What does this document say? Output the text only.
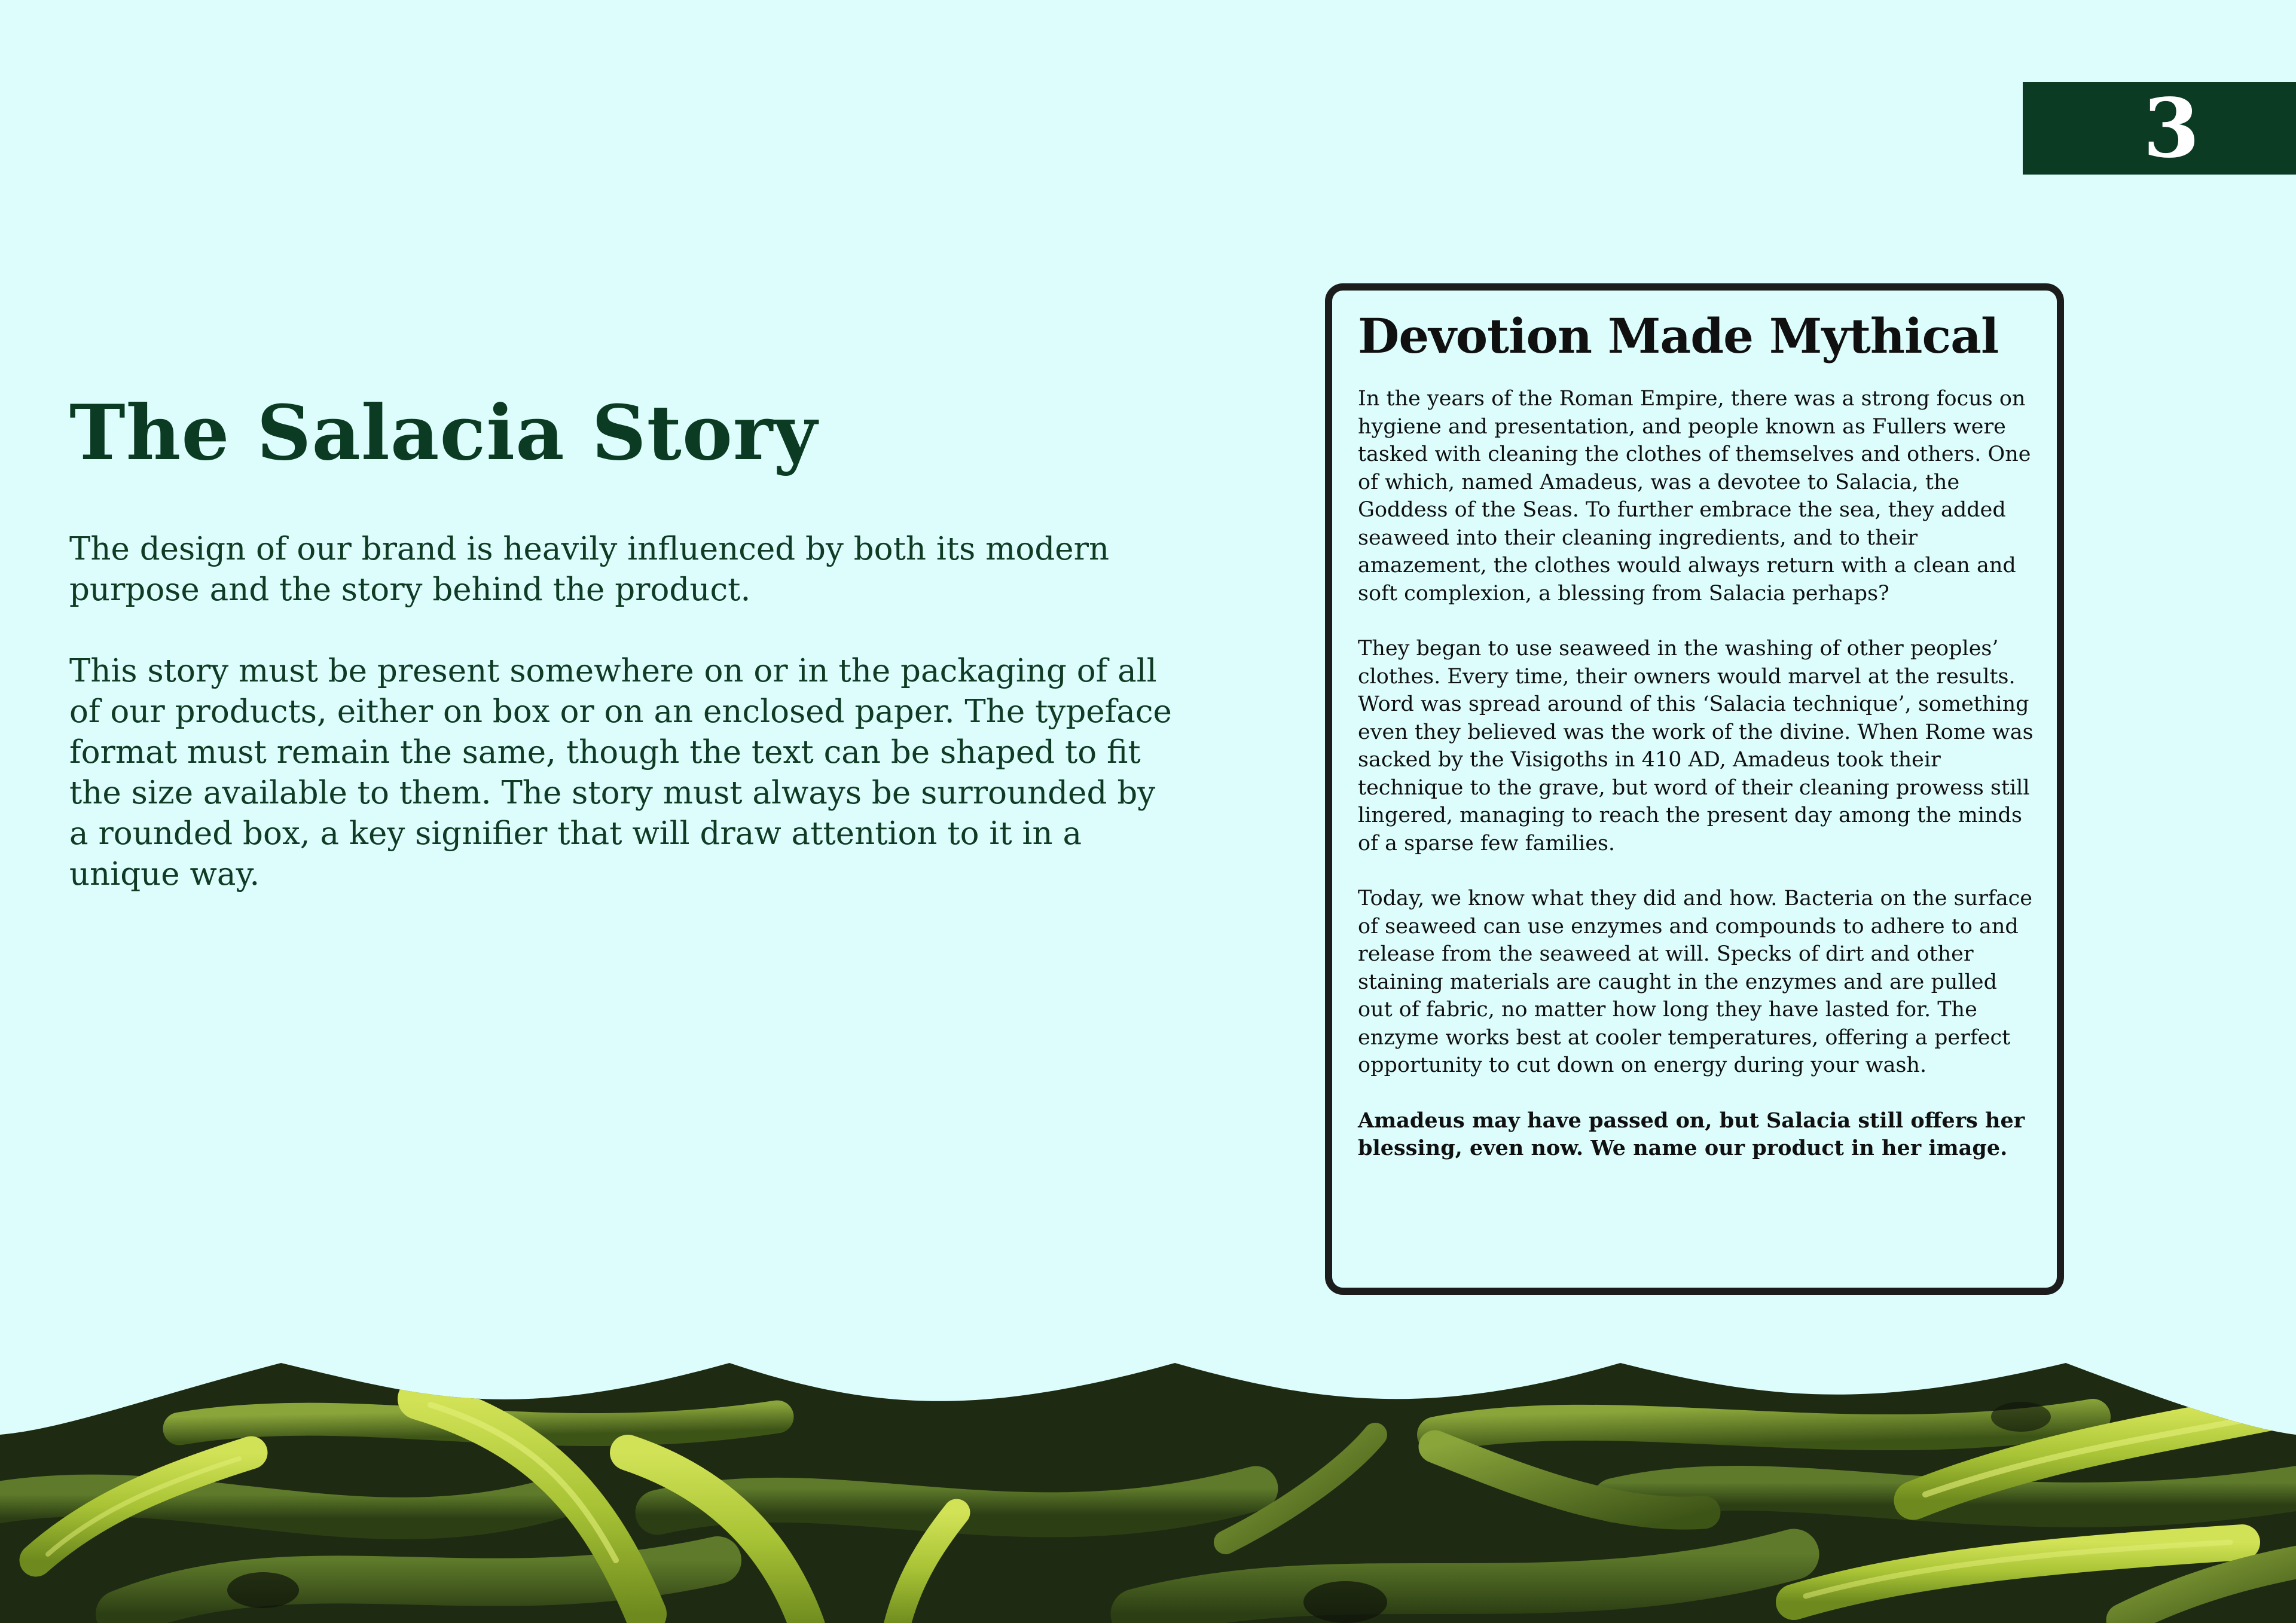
3
The Salacia Story

The design of our brand is heavily influenced by both its modern purpose and the story behind the product.

This story must be present somewhere on or in the packaging of all of our products, either on box or on an enclosed paper. The typeface format must remain the same, though the text can be shaped to fit the size available to them. The story must always be surrounded by a rounded box, a key signifier that will draw attention to it in a unique way.

Devotion Made Mythical

In the years of the Roman Empire, there was a strong focus on hygiene and presentation, and people known as Fullers were tasked with cleaning the clothes of themselves and others. One of which, named Amadeus, was a devotee to Salacia, the Goddess of the Seas. To further embrace the sea, they added seaweed into their cleaning ingredients, and to their amazement, the clothes would always return with a clean and soft complexion, a blessing from Salacia perhaps?

They began to use seaweed in the washing of other peoples’ clothes. Every time, their owners would marvel at the results. Word was spread around of this ‘Salacia technique’, something even they believed was the work of the divine. When Rome was sacked by the Visigoths in 410 AD, Amadeus took their technique to the grave, but word of their cleaning prowess still lingered, managing to reach the present day among the minds of a sparse few families.

Today, we know what they did and how. Bacteria on the surface of seaweed can use enzymes and compounds to adhere to and release from the seaweed at will. Specks of dirt and other staining materials are caught in the enzymes and are pulled out of fabric, no matter how long they have lasted for. The enzyme works best at cooler temperatures, offering a perfect opportunity to cut down on energy during your wash.

Amadeus may have passed on, but Salacia still offers her blessing, even now. We name our product in her image.
